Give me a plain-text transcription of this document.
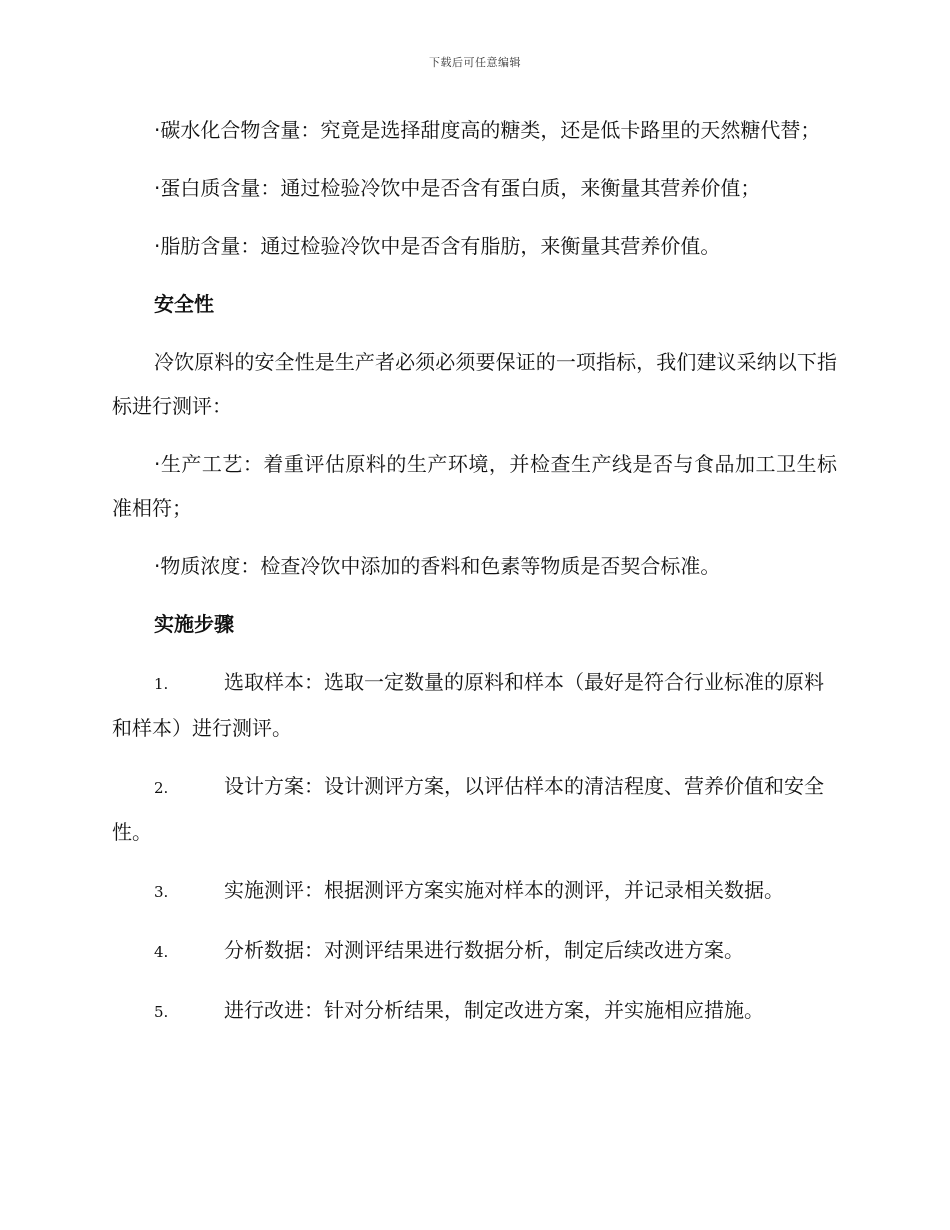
下载后可任意编辑

·碳水化合物含量：究竟是选择甜度高的糖类，还是低卡路里的天然糖代替；

·蛋白质含量：通过检验冷饮中是否含有蛋白质，来衡量其营养价值；

·脂肪含量：通过检验冷饮中是否含有脂肪，来衡量其营养价值。

安全性

冷饮原料的安全性是生产者必须必须要保证的一项指标，我们建议采纳以下指标进行测评：

·生产工艺：着重评估原料的生产环境，并检查生产线是否与食品加工卫生标准相符；

·物质浓度：检查冷饮中添加的香料和色素等物质是否契合标准。

实施步骤

1.	选取样本：选取一定数量的原料和样本（最好是符合行业标准的原料和样本）进行测评。

2.	设计方案：设计测评方案，以评估样本的清洁程度、营养价值和安全性。

3.	实施测评：根据测评方案实施对样本的测评，并记录相关数据。

4.	分析数据：对测评结果进行数据分析，制定后续改进方案。

5.	进行改进：针对分析结果，制定改进方案，并实施相应措施。
